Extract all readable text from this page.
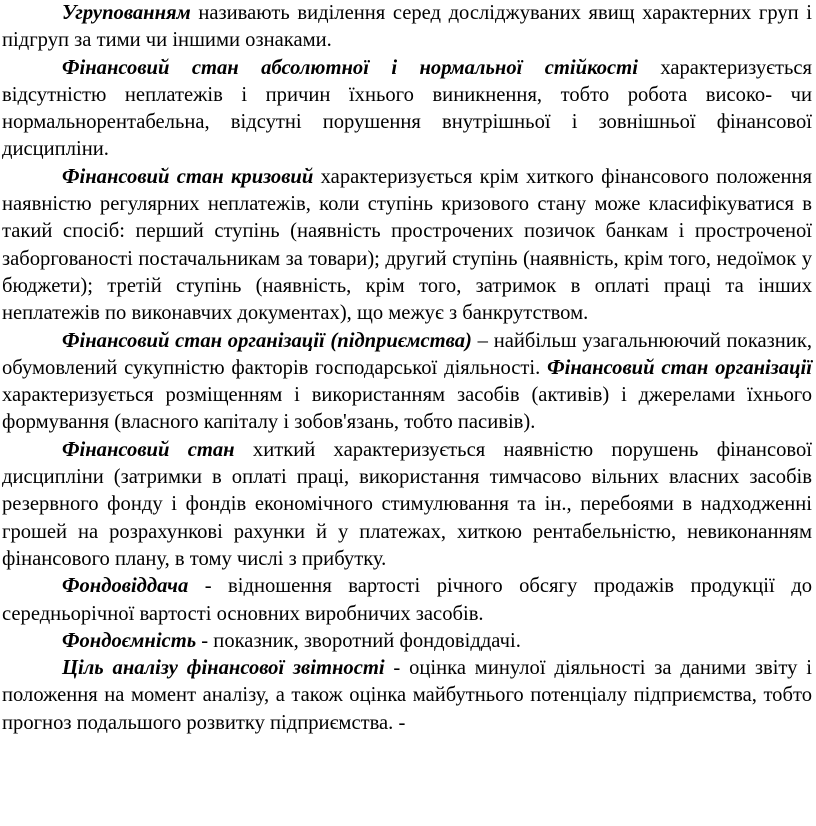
Угрупованням називають виділення серед досліджуваних явищ характерних груп і підгруп за тими чи іншими ознаками.

Фінансовий стан абсолютної і нормальної стійкості характеризується відсутністю неплатежів і причин їхнього виникнення, тобто робота високо- чи нормальнорентабельна, відсутні порушення внутрішньої і зовнішньої фінансової дисципліни.

Фінансовий стан кризовий характеризується крім хиткого фінансового положення наявністю регулярних неплатежів, коли ступінь кризового стану може класифікуватися в такий спосіб: перший ступінь (наявність прострочених позичок банкам і простроченої заборгованості постачальникам за товари); другий ступінь (наявність, крім того, недоїмок у бюджети); третій ступінь (наявність, крім того, затримок в оплаті праці та інших неплатежів по виконавчих документах), що межує з банкрутством.

Фінансовий стан організації (підприємства) – найбільш узагальнюючий показник, обумовлений сукупністю факторів господарської діяльності. Фінансовий стан організації характеризується розміщенням і використанням засобів (активів) і джерелами їхнього формування (власного капіталу і зобов'язань, тобто пасивів).

Фінансовий стан хиткий характеризується наявністю порушень фінансової дисципліни (затримки в оплаті праці, використання тимчасово вільних власних засобів резервного фонду і фондів економічного стимулювання та ін., перебоями в надходженні грошей на розрахункові рахунки й у платежах, хиткою рентабельністю, невиконанням фінансового плану, в тому числі з прибутку.

Фондовіддача - відношення вартості річного обсягу продажів продукції до середньорічної вартості основних виробничих засобів.

Фондоємність - показник, зворотний фондовіддачі.

Ціль аналізу фінансової звітності - оцінка минулої діяльності за даними звіту і положення на момент аналізу, а також оцінка майбутнього потенціалу підприємства, тобто прогноз подальшого розвитку підприємства. -
